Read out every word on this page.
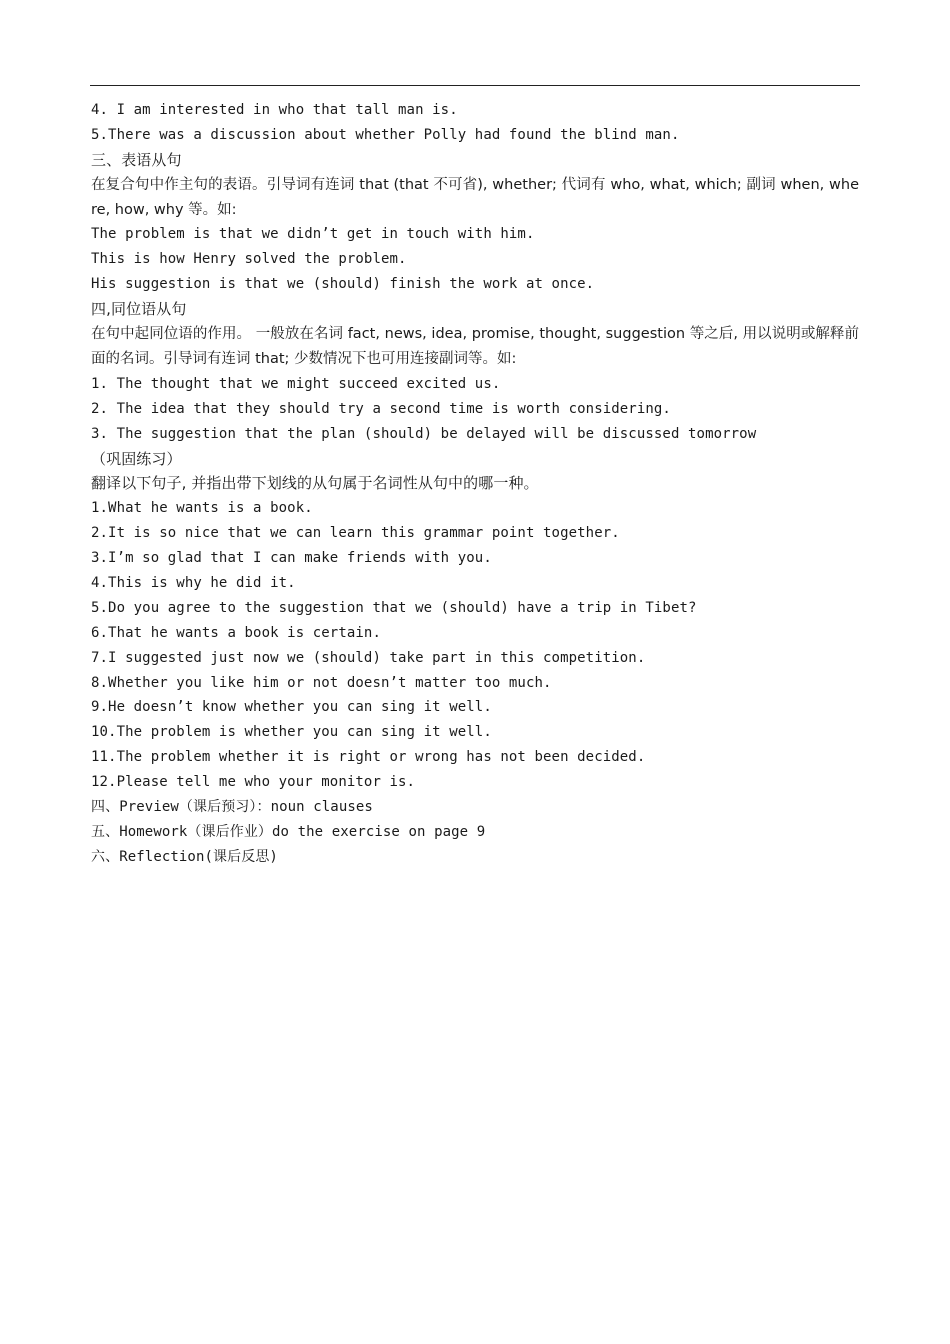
4. I am interested in who that tall man is.
5.There was a discussion about whether Polly had found the blind man.
三、表语从句
在复合句中作主句的表语。引导词有连词 that (that 不可省), whether; 代词有 who, what, which; 副词 when, where, how, why 等。如:
The problem is that we didn’t get in touch with him.
This is how Henry solved the problem.
His suggestion is that we (should) finish the work at once.
四,同位语从句
在句中起同位语的作用。 一般放在名词 fact, news, idea, promise, thought, suggestion 等之后, 用以说明或解释前面的名词。引导词有连词 that; 少数情况下也可用连接副词等。如:
1. The thought that we might succeed excited us.
2. The idea that they should try a second time is worth considering.
3. The suggestion that the plan (should) be delayed will be discussed tomorrow
（巩固练习）
翻译以下句子, 并指出带下划线的从句属于名词性从句中的哪一种。
1.What he wants is a book.
2.It is so nice that we can learn this grammar point together.
3.I’m so glad that I can make friends with you.
4.This is why he did it.
5.Do you agree to the suggestion that we (should) have a trip in Tibet?
6.That he wants a book is certain.
7.I suggested just now we (should) take part in this competition.
8.Whether you like him or not doesn’t matter too much.
9.He doesn’t know whether you can sing it well.
10.The problem is whether you can sing it well.
11.The problem whether it is right or wrong has not been decided.
12.Please tell me who your monitor is.
四、Preview（课后预习）：noun clauses
五、Homework（课后作业）do the exercise on page 9
六、Reflection(课后反思)
